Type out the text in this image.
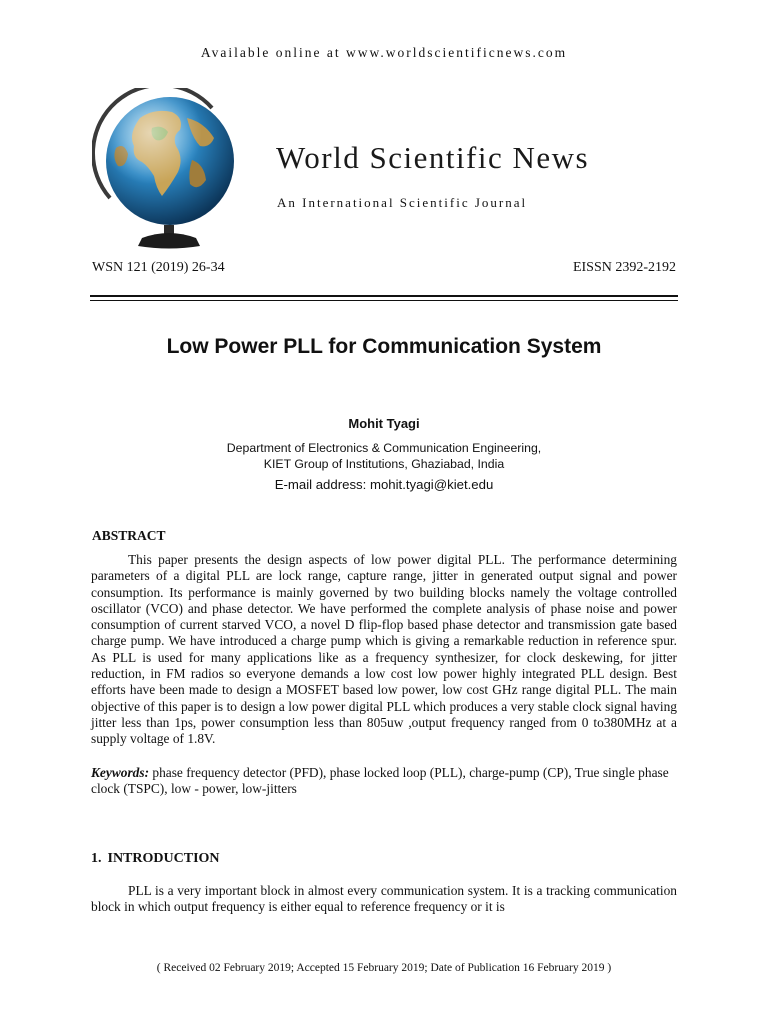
Available online at www.worldscientificnews.com
World Scientific News
An International Scientific Journal
WSN 121 (2019) 26-34	EISSN 2392-2192
Low Power PLL for Communication System
Mohit Tyagi
Department of Electronics & Communication Engineering,
KIET Group of Institutions, Ghaziabad, India
E-mail address: mohit.tyagi@kiet.edu
ABSTRACT

This paper presents the design aspects of low power digital PLL. The performance determining parameters of a digital PLL are lock range, capture range, jitter in generated output signal and power consumption. Its performance is mainly governed by two building blocks namely the voltage controlled oscillator (VCO) and phase detector. We have performed the complete analysis of phase noise and power consumption of current starved VCO, a novel D flip-flop based phase detector and transmission gate based charge pump. We have introduced a charge pump which is giving a remarkable reduction in reference spur. As PLL is used for many applications like as a frequency synthesizer, for clock deskewing, for jitter reduction, in FM radios so everyone demands a low cost low power highly integrated PLL design. Best efforts have been made to design a MOSFET based low power, low cost GHz range digital PLL. The main objective of this paper is to design a low power digital PLL which produces a very stable clock signal having jitter less than 1ps, power consumption less than 805uw ,output frequency ranged from 0 to380MHz at a supply voltage of 1.8V.

Keywords: phase frequency detector (PFD), phase locked loop (PLL), charge-pump (CP), True single phase clock (TSPC), low - power, low-jitters

1. INTRODUCTION

PLL is a very important block in almost every communication system. It is a tracking communication block in which output frequency is either equal to reference frequency or it is

( Received 02 February 2019; Accepted 15 February 2019; Date of Publication 16 February 2019 )
